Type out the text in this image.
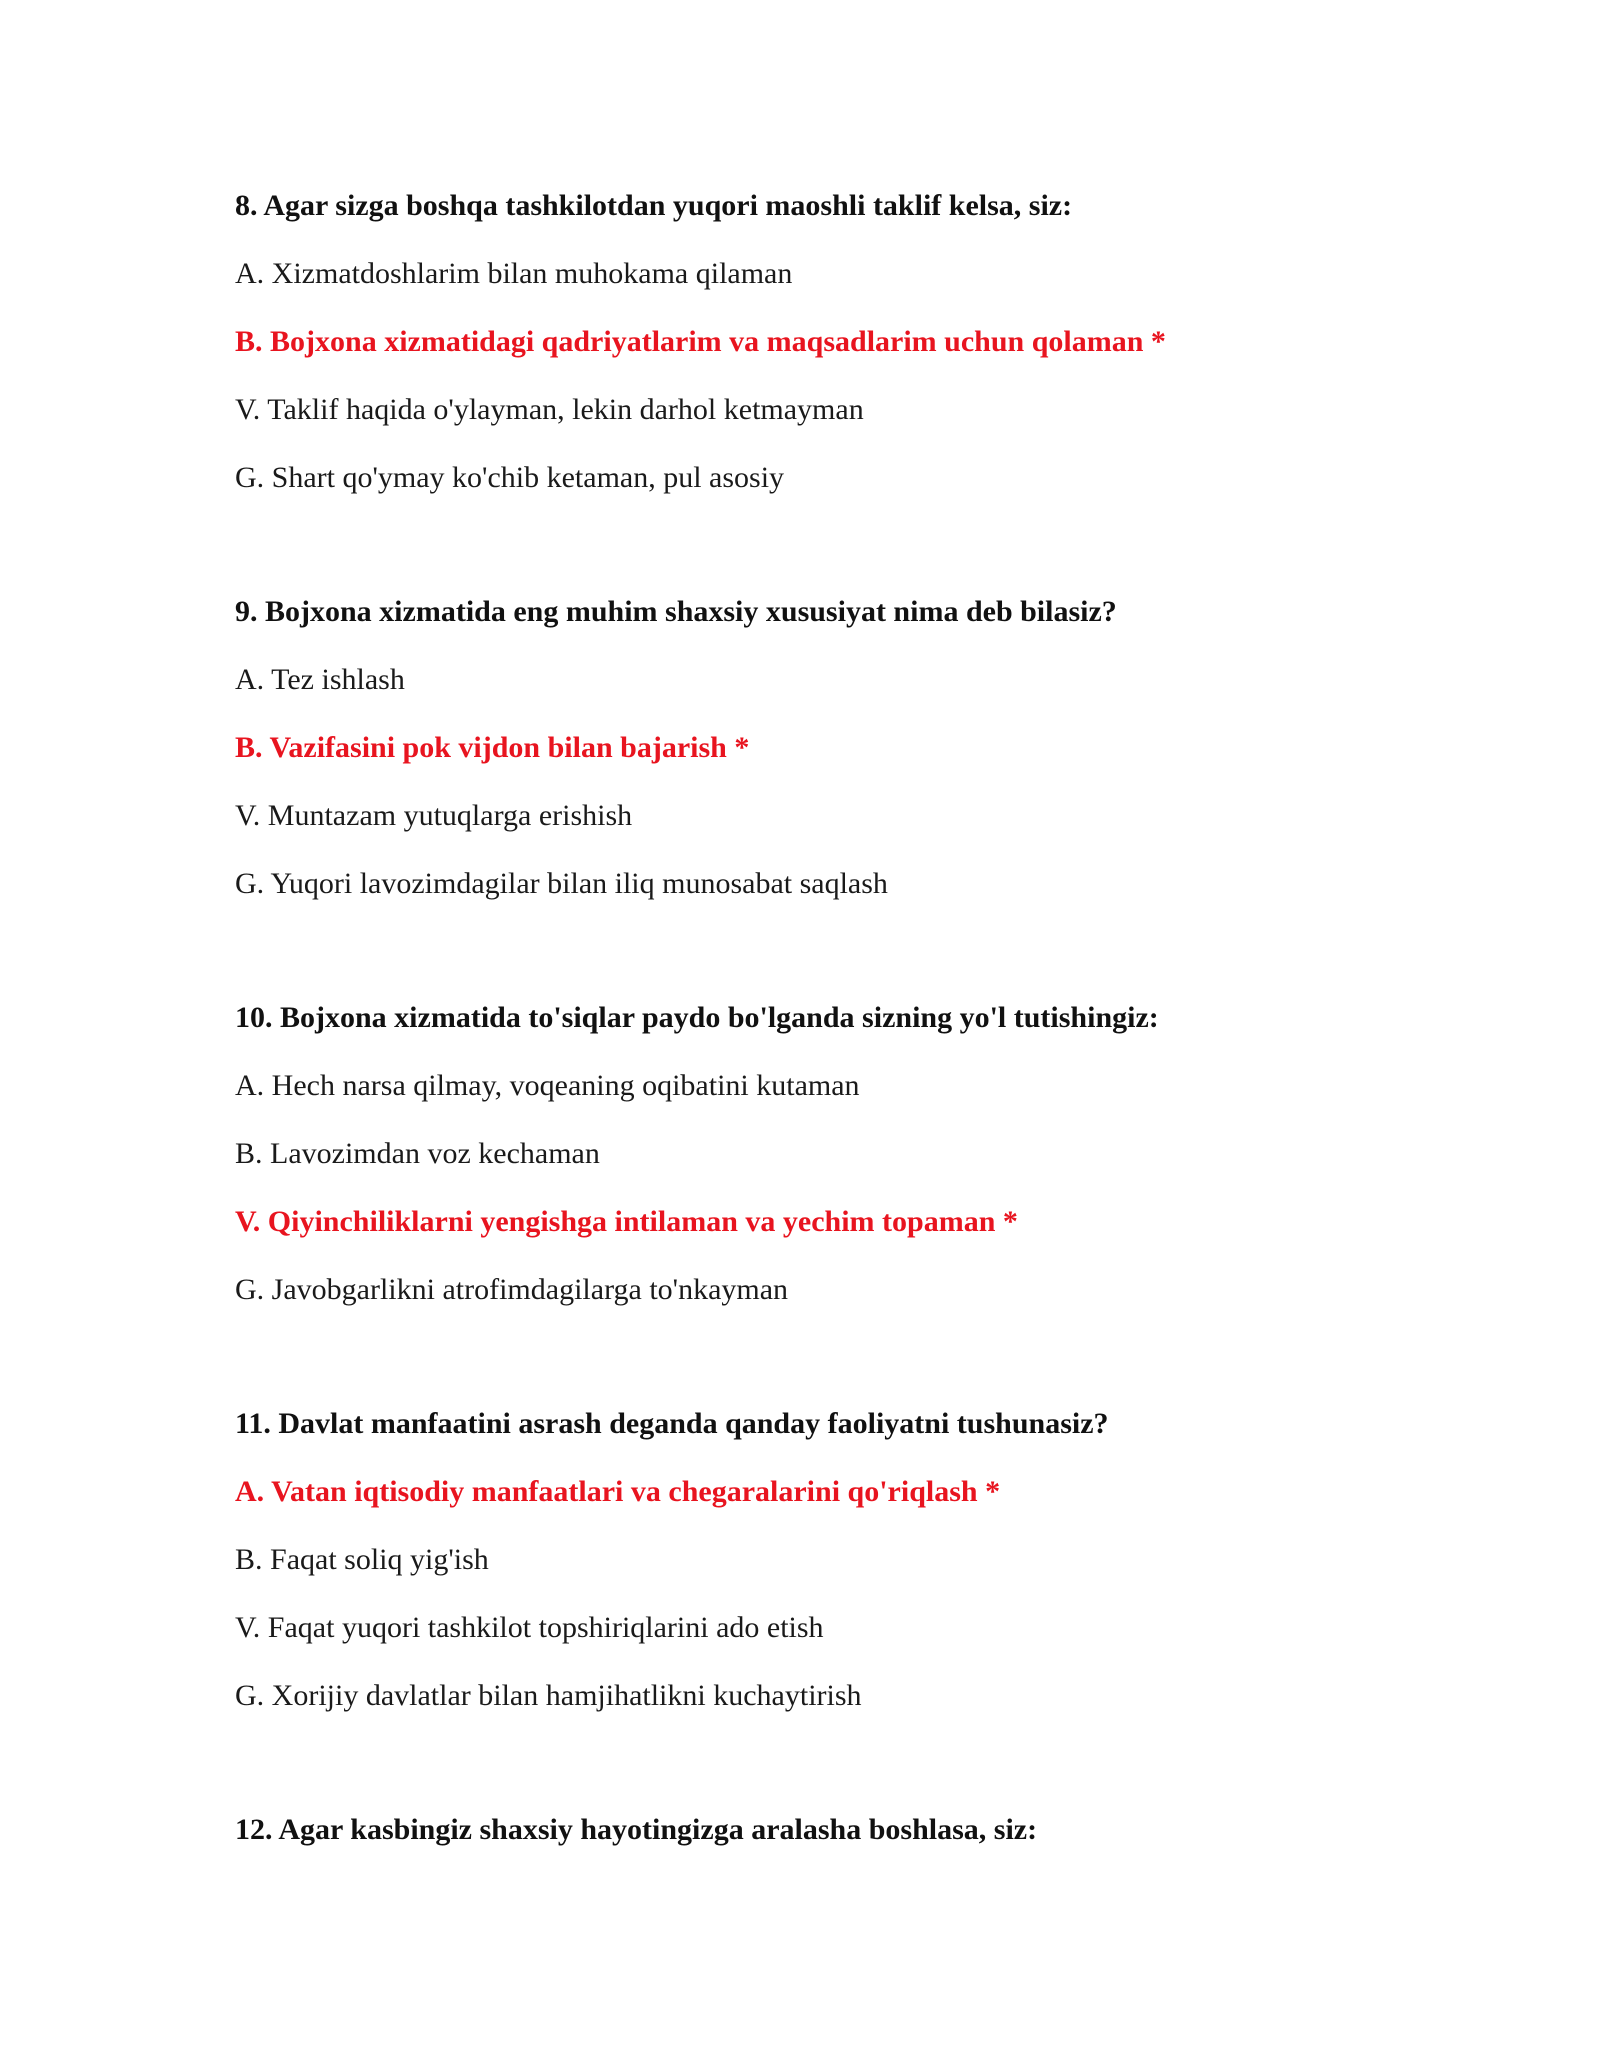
8. Agar sizga boshqa tashkilotdan yuqori maoshli taklif kelsa, siz:

A. Xizmatdoshlarim bilan muhokama qilaman

B. Bojxona xizmatidagi qadriyatlarim va maqsadlarim uchun qolaman *

V. Taklif haqida o'ylayman, lekin darhol ketmayman

G. Shart qo'ymay ko'chib ketaman, pul asosiy

9. Bojxona xizmatida eng muhim shaxsiy xususiyat nima deb bilasiz?

A. Tez ishlash

B. Vazifasini pok vijdon bilan bajarish *

V. Muntazam yutuqlarga erishish

G. Yuqori lavozimdagilar bilan iliq munosabat saqlash

10. Bojxona xizmatida to'siqlar paydo bo'lganda sizning yo'l tutishingiz:

A. Hech narsa qilmay, voqeaning oqibatini kutaman

B. Lavozimdan voz kechaman

V. Qiyinchiliklarni yengishga intilaman va yechim topaman *

G. Javobgarlikni atrofimdagilarga to'nkayman

11. Davlat manfaatini asrash deganda qanday faoliyatni tushunasiz?

A. Vatan iqtisodiy manfaatlari va chegaralarini qo'riqlash *

B. Faqat soliq yig'ish

V. Faqat yuqori tashkilot topshiriqlarini ado etish

G. Xorijiy davlatlar bilan hamjihatlikni kuchaytirish

12. Agar kasbingiz shaxsiy hayotingizga aralasha boshlasa, siz:
